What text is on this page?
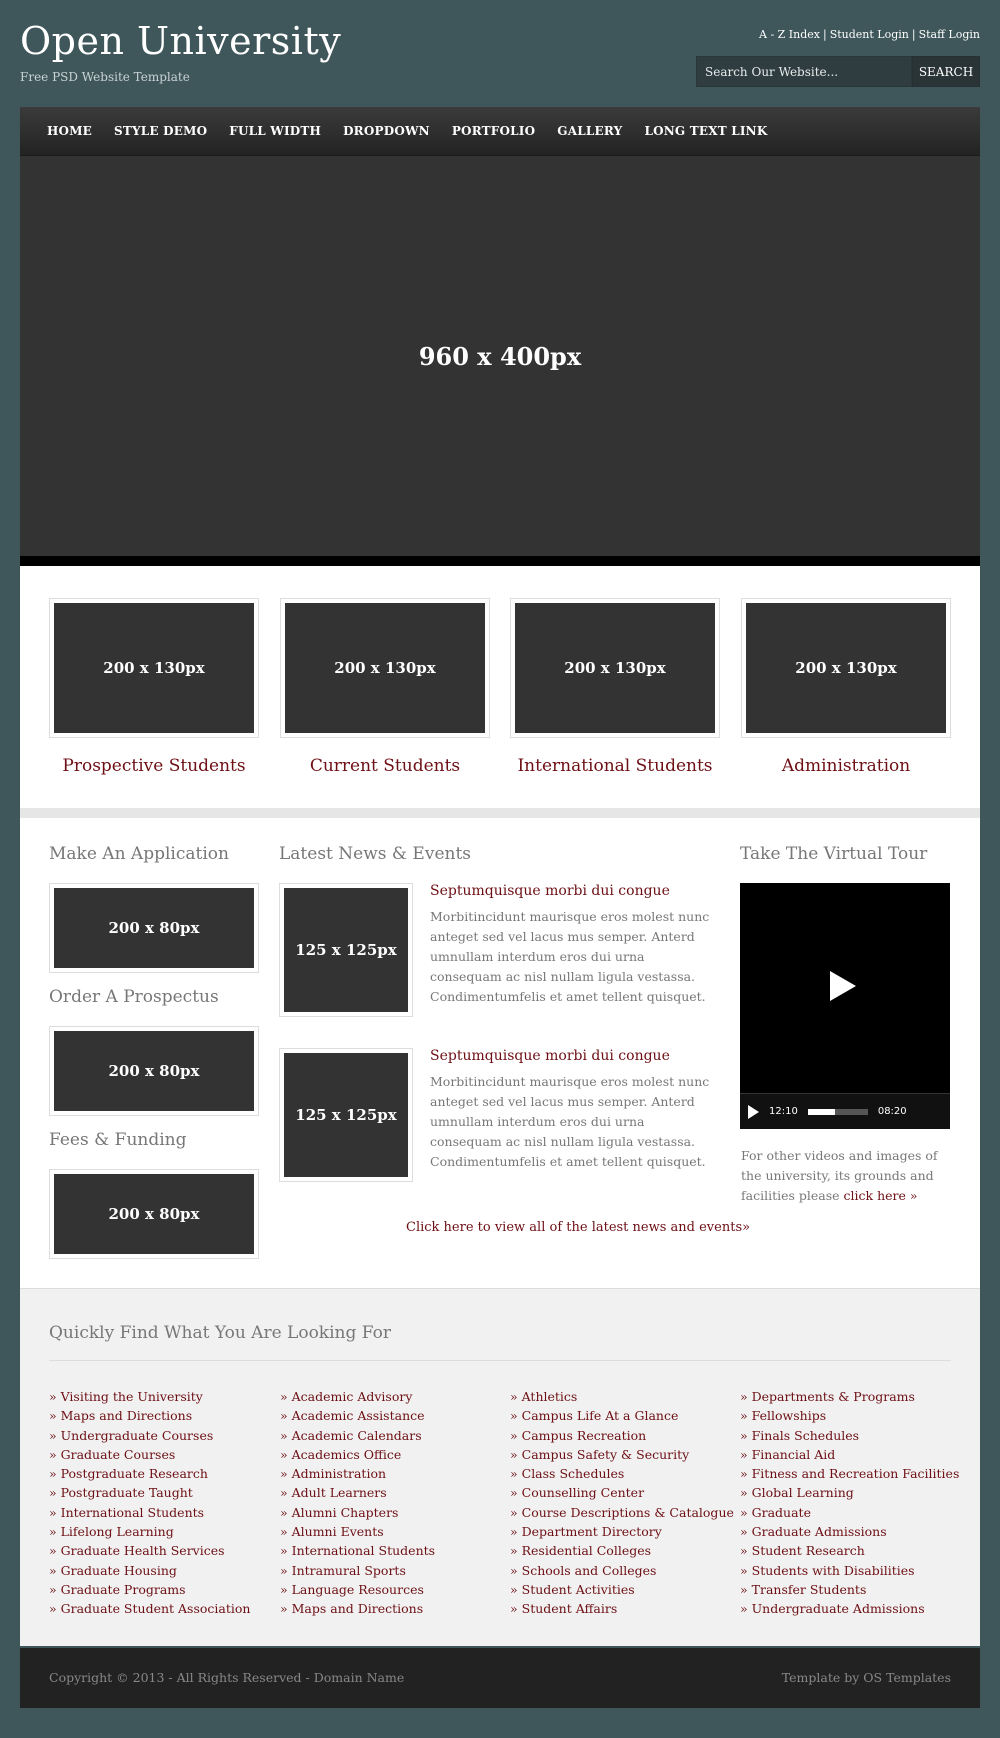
Open University
Free PSD Website Template
A - Z Index | Student Login | Staff Login
Search Our Website...
SEARCH
HOME STYLE DEMO FULL WIDTH DROPDOWN PORTFOLIO GALLERY LONG TEXT LINK
960 x 400px
200 x 130px
Prospective Students
200 x 130px
Current Students
200 x 130px
International Students
200 x 130px
Administration
Make An Application
200 x 80px
Order A Prospectus
200 x 80px
Fees & Funding
200 x 80px
Latest News & Events
125 x 125px
Septumquisque morbi dui congue
Morbitincidunt maurisque eros molest nunc anteget sed vel lacus mus semper. Anterd umnullam interdum eros dui urna consequam ac nisl nullam ligula vestassa. Condimentumfelis et amet tellent quisquet.
125 x 125px
Septumquisque morbi dui congue
Morbitincidunt maurisque eros molest nunc anteget sed vel lacus mus semper. Anterd umnullam interdum eros dui urna consequam ac nisl nullam ligula vestassa. Condimentumfelis et amet tellent quisquet.
Click here to view all of the latest news and events»
Take The Virtual Tour
12:10	08:20
For other videos and images of the university, its grounds and facilities please click here »
Quickly Find What You Are Looking For
» Visiting the University
» Maps and Directions
» Undergraduate Courses
» Graduate Courses
» Postgraduate Research
» Postgraduate Taught
» International Students
» Lifelong Learning
» Graduate Health Services
» Graduate Housing
» Graduate Programs
» Graduate Student Association
» Academic Advisory
» Academic Assistance
» Academic Calendars
» Academics Office
» Administration
» Adult Learners
» Alumni Chapters
» Alumni Events
» International Students
» Intramural Sports
» Language Resources
» Maps and Directions
» Athletics
» Campus Life At a Glance
» Campus Recreation
» Campus Safety & Security
» Class Schedules
» Counselling Center
» Course Descriptions & Catalogue
» Department Directory
» Residential Colleges
» Schools and Colleges
» Student Activities
» Student Affairs
» Departments & Programs
» Fellowships
» Finals Schedules
» Financial Aid
» Fitness and Recreation Facilities
» Global Learning
» Graduate
» Graduate Admissions
» Student Research
» Students with Disabilities
» Transfer Students
» Undergraduate Admissions
Copyright © 2013 - All Rights Reserved - Domain Name	Template by OS Templates
